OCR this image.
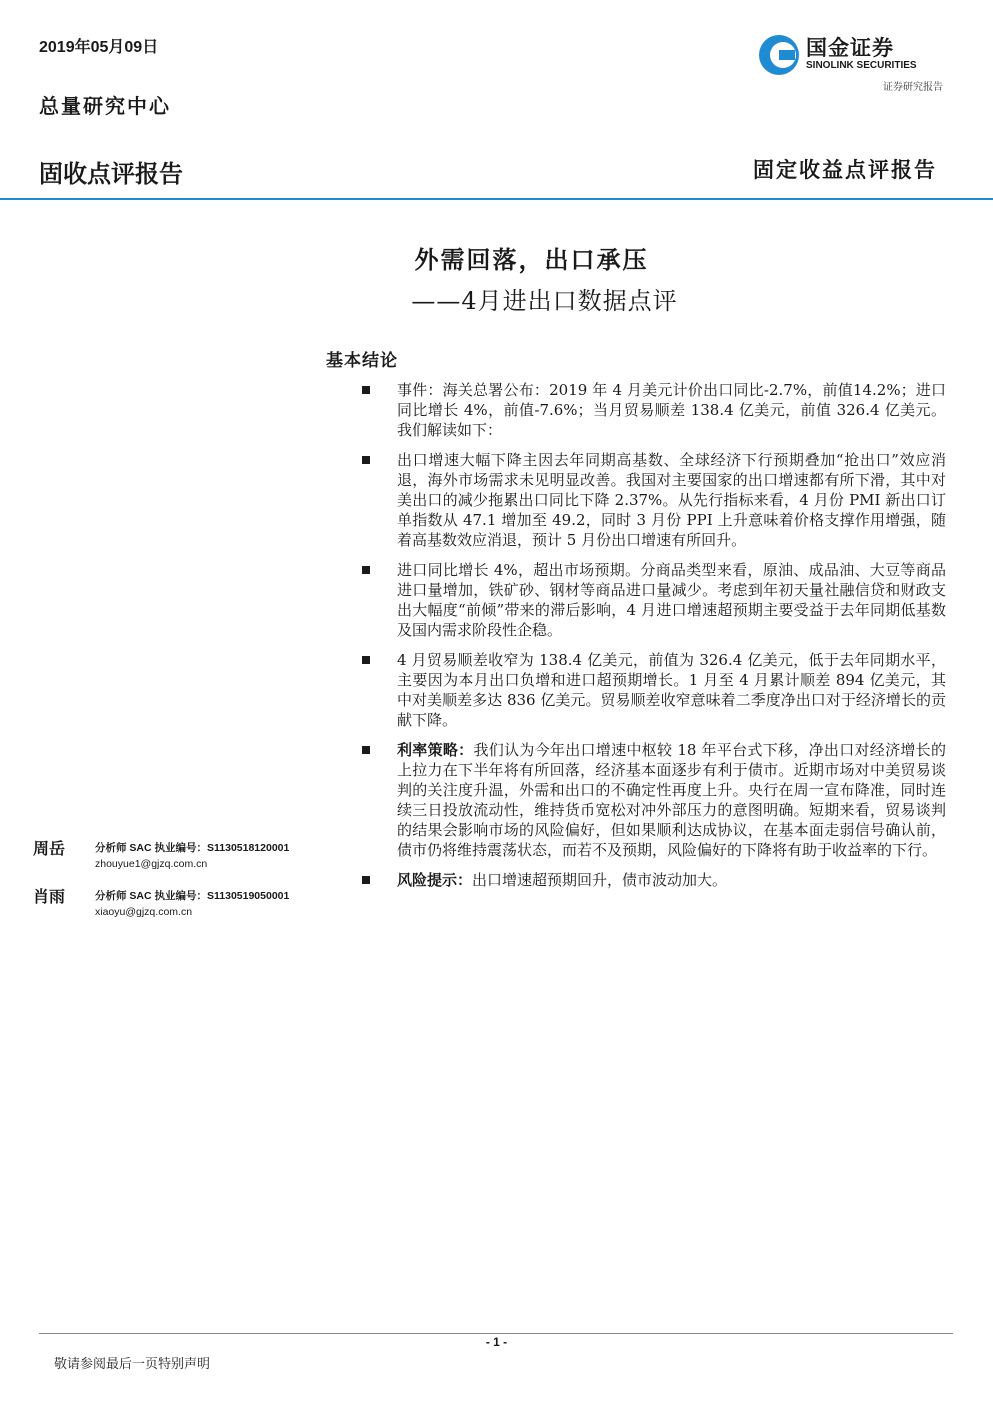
2019年05月09日
总量研究中心
固收点评报告	固定收益点评报告
国金证券
SINOLINK SECURITIES
证券研究报告
外需回落，出口承压
——4月进出口数据点评
基本结论
事件：海关总署公布：2019 年 4 月美元计价出口同比-2.7%，前值14.2%；进口同比增长 4%，前值-7.6%；当月贸易顺差 138.4 亿美元，前值 326.4 亿美元。我们解读如下：
出口增速大幅下降主因去年同期高基数、全球经济下行预期叠加“抢出口”效应消退，海外市场需求未见明显改善。我国对主要国家的出口增速都有所下滑，其中对美出口的减少拖累出口同比下降 2.37%。从先行指标来看，4 月份 PMI 新出口订单指数从 47.1 增加至 49.2，同时 3 月份 PPI 上升意味着价格支撑作用增强，随着高基数效应消退，预计 5 月份出口增速有所回升。
进口同比增长 4%，超出市场预期。分商品类型来看，原油、成品油、大豆等商品进口量增加，铁矿砂、钢材等商品进口量减少。考虑到年初天量社融信贷和财政支出大幅度“前倾”带来的滞后影响，4 月进口增速超预期主要受益于去年同期低基数及国内需求阶段性企稳。
4 月贸易顺差收窄为 138.4 亿美元，前值为 326.4 亿美元，低于去年同期水平，主要因为本月出口负增和进口超预期增长。1 月至 4 月累计顺差 894 亿美元，其中对美顺差多达 836 亿美元。贸易顺差收窄意味着二季度净出口对于经济增长的贡献下降。
利率策略：我们认为今年出口增速中枢较 18 年平台式下移，净出口对经济增长的上拉力在下半年将有所回落，经济基本面逐步有利于债市。近期市场对中美贸易谈判的关注度升温，外需和出口的不确定性再度上升。央行在周一宣布降准，同时连续三日投放流动性，维持货币宽松对冲外部压力的意图明确。短期来看，贸易谈判的结果会影响市场的风险偏好，但如果顺利达成协议，在基本面走弱信号确认前，债市仍将维持震荡状态，而若不及预期，风险偏好的下降将有助于收益率的下行。
风险提示：出口增速超预期回升，债市波动加大。
周岳	分析师 SAC 执业编号：S1130518120001
zhouyue1@gjzq.com.cn
肖雨	分析师 SAC 执业编号：S1130519050001
xiaoyu@gjzq.com.cn
- 1 -
敬请参阅最后一页特别声明
